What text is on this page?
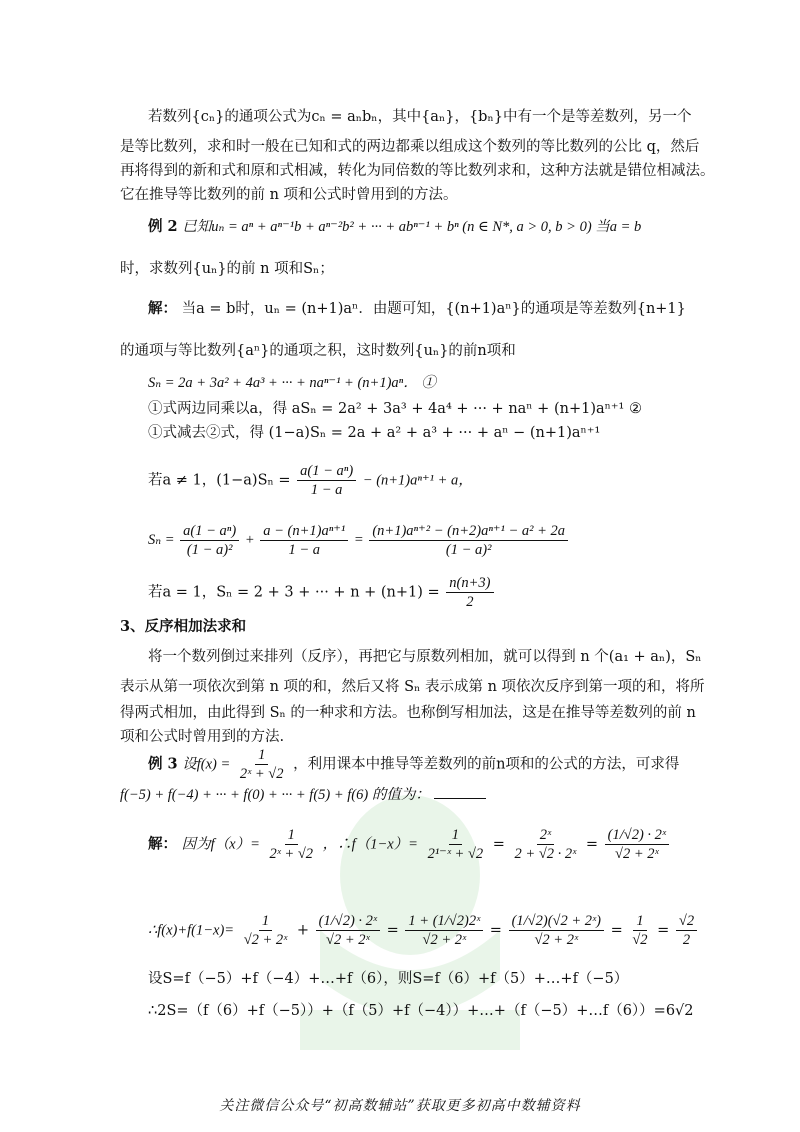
若数列{cₙ}的通项公式为cₙ = aₙbₙ，其中{aₙ}，{bₙ}中有一个是等差数列，另一个
是等比数列，求和时一般在已知和式的两边都乘以组成这个数列的等比数列的公比 q，然后
再将得到的新和式和原和式相减，转化为同倍数的等比数列求和，这种方法就是错位相减法。
它在推导等比数列的前 n 项和公式时曾用到的方法。
例 2 已知uₙ = aⁿ + aⁿ⁻¹b + aⁿ⁻²b² + ··· + abⁿ⁻¹ + bⁿ (n ∈ N*, a > 0, b > 0) 当a = b
时，求数列{uₙ}的前 n 项和Sₙ；
解： 当a = b时，uₙ = (n+1)aⁿ．由题可知，{(n+1)aⁿ}的通项是等差数列{n+1}
的通项与等比数列{aⁿ}的通项之积，这时数列{uₙ}的前n项和
Sₙ = 2a + 3a² + 4a³ + ··· + naⁿ⁻¹ + (n+1)aⁿ． ①
①式两边同乘以a，得 aSₙ = 2a² + 3a³ + 4a⁴ + ··· + naⁿ + (n+1)aⁿ⁺¹ ②
①式减去②式，得 (1−a)Sₙ = 2a + a² + a³ + ··· + aⁿ − (n+1)aⁿ⁺¹
若a ≠ 1，$(1-a)S_n = \frac{\text{a(1 − aⁿ)}}{1 - a} - (n+1)a^{n+1} + a$，
$S_n = \frac{\text{a(1 − aⁿ)}}{\text{(1 − a)²}} + \frac{\text{a − (n+1)aⁿ⁺¹}}{1 - a} = \frac{\text{(n+1)aⁿ⁺² − (n+2)aⁿ⁺¹ − a² + 2a}}{\text{(1 − a)²}}$
若a = 1，Sₙ = 2 + 3 + ··· + $n + (n+1) = \frac{n(n+3)}{2}$
3、反序相加法求和
将一个数列倒过来排列（反序），再把它与原数列相加，就可以得到 n 个(a₁ + aₙ)，Sₙ
表示从第一项依次到第 n 项的和，然后又将 Sₙ 表示成第 n 项依次反序到第一项的和，将所
得两式相加，由此得到 Sₙ 的一种求和方法。也称倒写相加法，这是在推导等差数列的前 n
项和公式时曾用到的方法.
例 3 设$f(x) = \frac{1}{\text{2ˣ + √2}}$ ，利用课本中推导等差数列的前n项和的公式的方法，可求得
f(−5) + f(−4) + ··· + f(0) + ··· + f(5) + f(6) 的值为：
解： 因为$f(x)= \frac{1}{\text{2ˣ + √2}}$ ，∴f（1−x）= $\frac{1}{\text{2¹⁻ˣ + √2}} = \frac{\text{2ˣ}}{\text{2 + √2 · 2ˣ}} = \frac{\text{(1/√2) · 2ˣ}}{\text{√2 + 2ˣ}}$
∴f(x)+f(1−x)= $\frac{1}{\text{√2 + 2ˣ}} + \frac{\text{(1/√2) · 2ˣ}}{\text{√2 + 2ˣ}} = \frac{\text{1 + (1/√2)2ˣ}}{\text{√2 + 2ˣ}} = \frac{\text{(1/√2)(√2 + 2ˣ)}}{\text{√2 + 2ˣ}} = \frac{1}{√2} = \frac{√2}{2}$
设S=f（−5）+f（−4）+…+f（6），则S=f（6）+f（5）+…+f（−5）
∴2S=（f（6）+f（−5））+（f（5）+f（−4））+…+（f（−5）+…f（6））=6√2
关注微信公众号“初高数辅站”获取更多初高中数辅资料
